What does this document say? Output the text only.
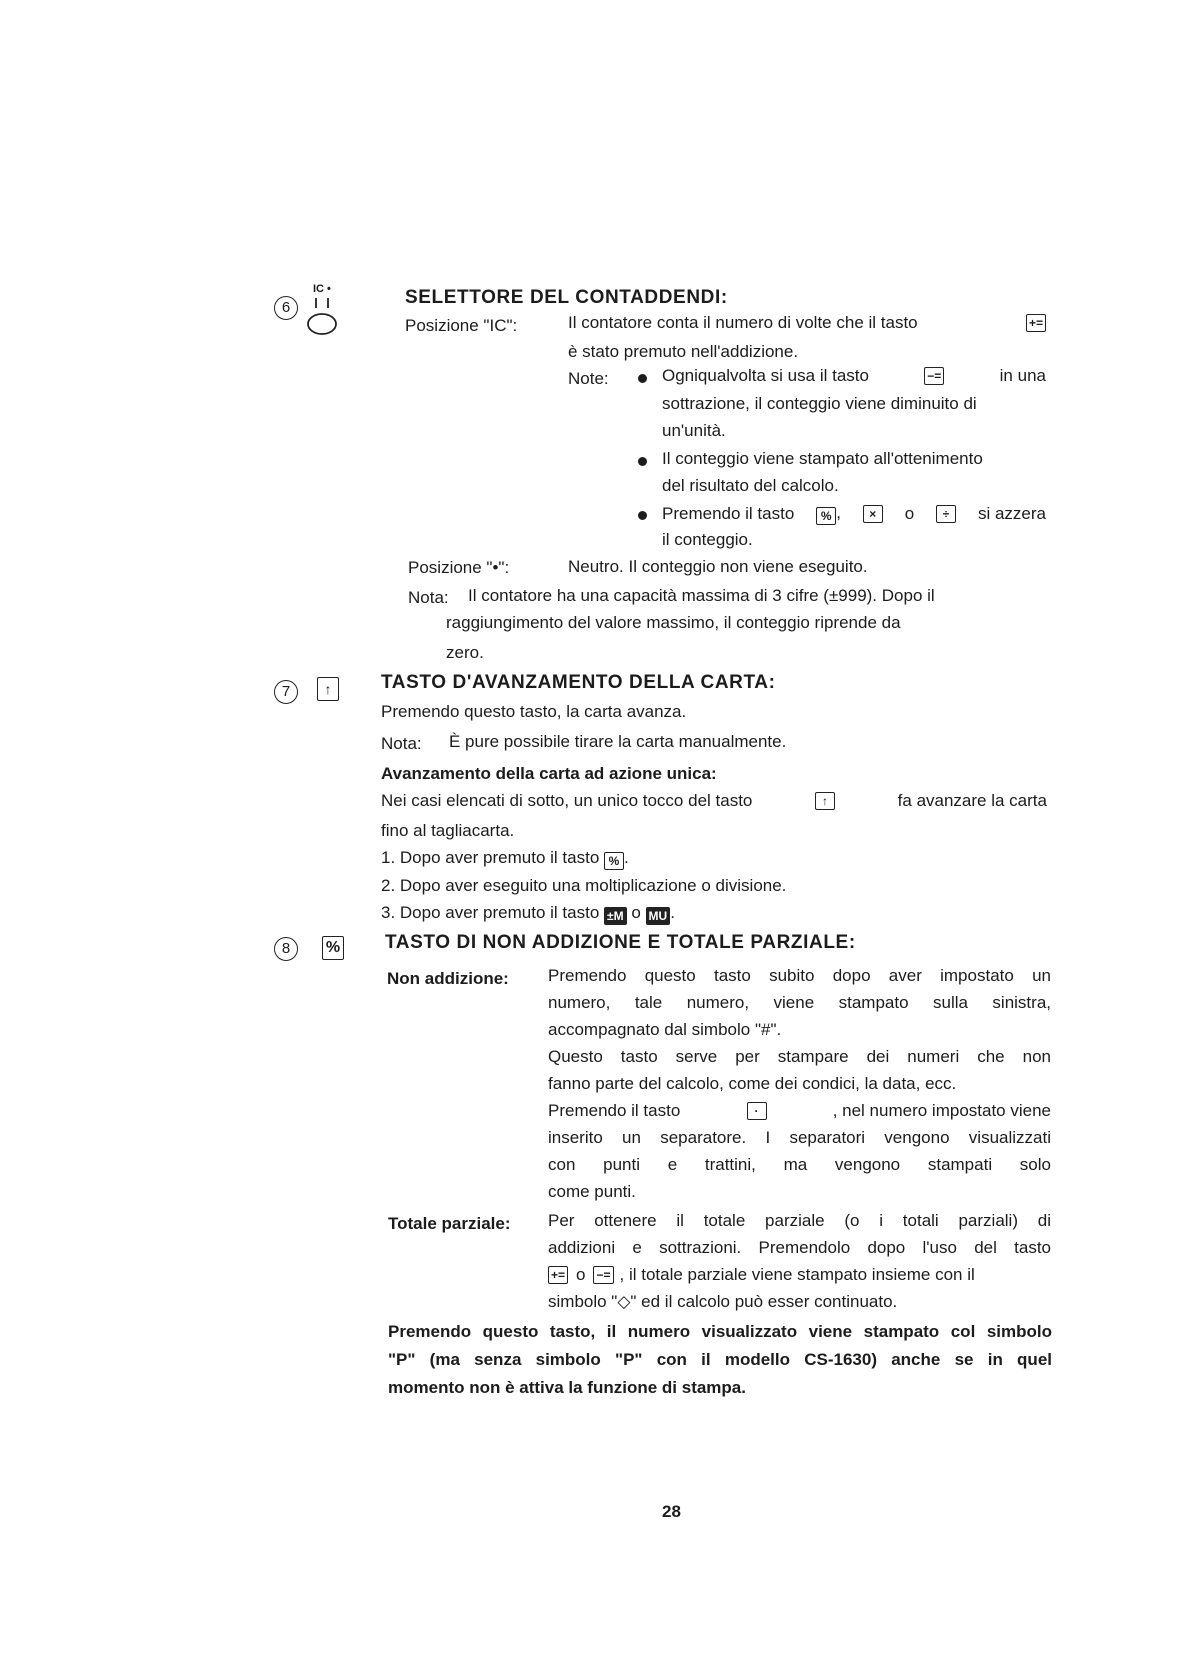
6
IC •	SELETTORE DEL CONTADDENDI:
Posizione "IC":	Il contatore conta il numero di volte che il tasto	+=
è stato premuto nell'addizione.
Note:	Ogniqualvolta si usa il tasto	−=	in una
sottrazione, il conteggio viene diminuito di
un'unità.
Il conteggio viene stampato all'ottenimento
del risultato del calcolo.
Premendo il tasto	% ,	×	o	÷	si azzera
il conteggio.
Posizione "•":	Neutro. Il conteggio non viene eseguito.
Nota: Il contatore ha una capacità massima di 3 cifre (±999). Dopo il
raggiungimento del valore massimo, il conteggio riprende da
zero.
7	↑	TASTO D'AVANZAMENTO DELLA CARTA:
Premendo questo tasto, la carta avanza.
Nota: È pure possibile tirare la carta manualmente.
Avanzamento della carta ad azione unica:
Nei casi elencati di sotto, un unico tocco del tasto	↑	fa avanzare la carta
fino al tagliacarta.
1. Dopo aver premuto il tasto % .
2. Dopo aver eseguito una moltiplicazione o divisione.
3. Dopo aver premuto il tasto ±M o MU .
8	% TASTO DI NON ADDIZIONE E TOTALE PARZIALE:
Non addizione: Premendo questo tasto subito dopo aver impostato un
numero, tale numero, viene stampato sulla sinistra,
accompagnato dal simbolo "#".
Questo tasto serve per stampare dei numeri che non
fanno parte del calcolo, come dei condici, la data, ecc.
Premendo il tasto	·	, nel numero impostato viene
inserito un separatore. I separatori vengono visualizzati
con punti e trattini, ma vengono stampati solo
come punti.
Totale parziale: Per ottenere il totale parziale (o i totali parziali) di
addizioni e sottrazioni. Premendolo dopo l'uso del tasto
+= o −= , il totale parziale viene stampato insieme con il
simbolo "◇" ed il calcolo può esser continuato.
Premendo questo tasto, il numero visualizzato viene stampato col simbolo
"P" (ma senza simbolo "P" con il modello CS-1630) anche se in quel
momento non è attiva la funzione di stampa.
28
